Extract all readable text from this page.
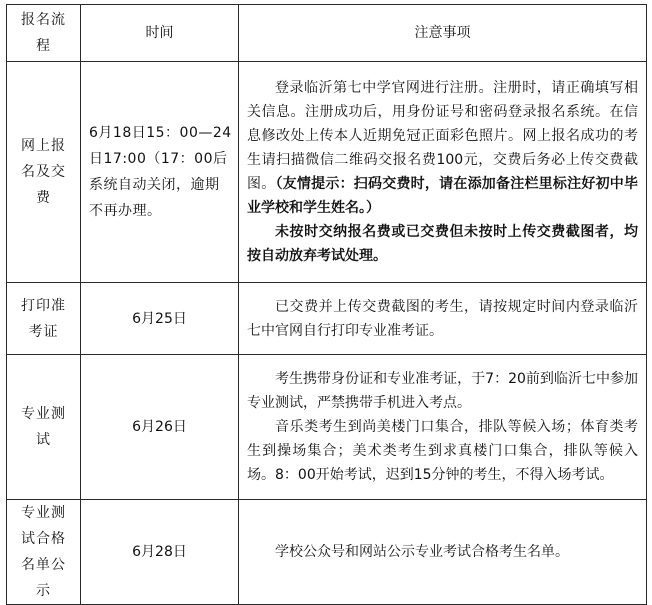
报名流程	时间	注意事项
网上报名及交费	6月18日15：00—24日17:00（17：00后系统自动关闭，逾期不再办理。	登录临沂第七中学官网进行注册。注册时，请正确填写相关信息。注册成功后，用身份证号和密码登录报名系统。在信息修改处上传本人近期免冠正面彩色照片。网上报名成功的考生请扫描微信二维码交报名费100元，交费后务必上传交费截图。（友情提示：扫码交费时，请在添加备注栏里标注好初中毕业学校和学生姓名。）

未按时交纳报名费或已交费但未按时上传交费截图者，均按自动放弃考试处理。

打印准考证	6月25日	已交费并上传交费截图的考生，请按规定时间内登录临沂七中官网自行打印专业准考证。

专业测试	6月26日	考生携带身份证和专业准考证，于7：20前到临沂七中参加专业测试，严禁携带手机进入考点。

音乐类考生到尚美楼门口集合，排队等候入场；体育类考生到操场集合；美术类考生到求真楼门口集合，排队等候入场。8：00开始考试，迟到15分钟的考生，不得入场考试。

专业测试合格名单公示	6月28日	学校公众号和网站公示专业考试合格考生名单。
